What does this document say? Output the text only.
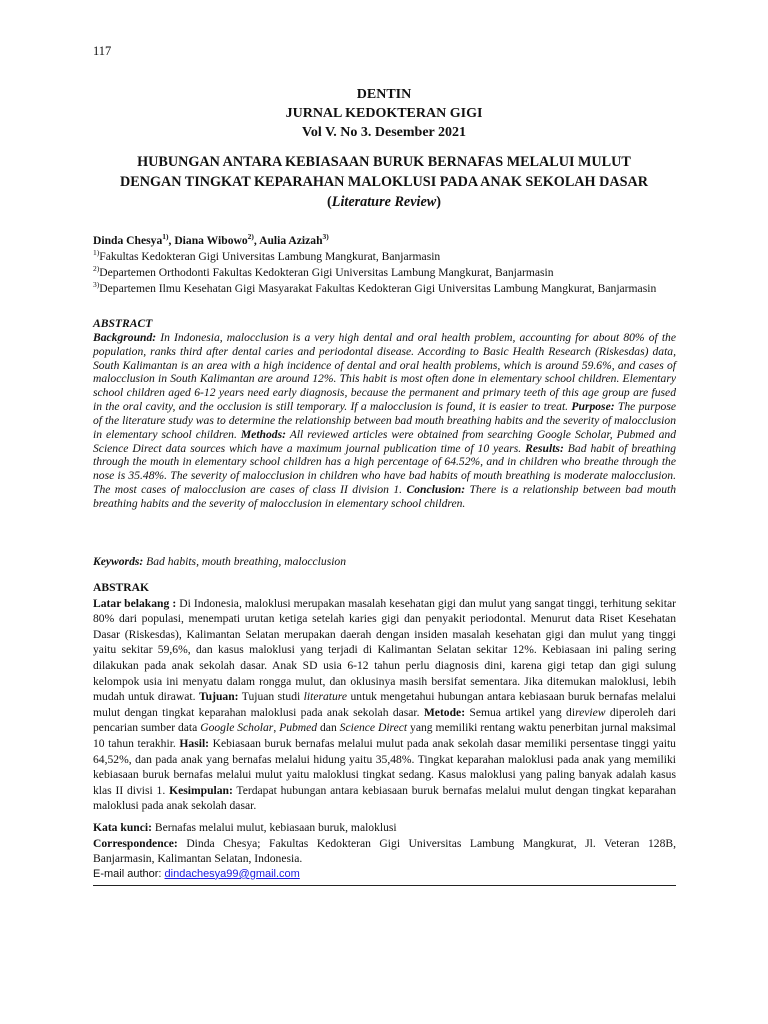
117
DENTIN
JURNAL KEDOKTERAN GIGI
Vol V. No 3. Desember 2021
HUBUNGAN ANTARA KEBIASAAN BURUK BERNAFAS MELALUI MULUT
DENGAN TINGKAT KEPARAHAN MALOKLUSI PADA ANAK SEKOLAH DASAR
(Literature Review)
Dinda Chesya$^{1)}$, Diana Wibowo$^{2)}$, Aulia Azizah$^{3)}$
$^{1)}$Fakultas Kedokteran Gigi Universitas Lambung Mangkurat, Banjarmasin
$^{2)}$Departemen Orthodonti Fakultas Kedokteran Gigi Universitas Lambung Mangkurat, Banjarmasin
$^{3)}$Departemen Ilmu Kesehatan Gigi Masyarakat Fakultas Kedokteran Gigi Universitas Lambung Mangkurat, Banjarmasin
ABSTRACT
Background: In Indonesia, malocclusion is a very high dental and oral health problem, accounting for about 80% of the population, ranks third after dental caries and periodontal disease. According to Basic Health Research (Riskesdas) data, South Kalimantan is an area with a high incidence of dental and oral health problems, which is around 59.6%, and cases of malocclusion in South Kalimantan are around 12%. This habit is most often done in elementary school children. Elementary school children aged 6-12 years need early diagnosis, because the permanent and primary teeth of this age group are fused in the oral cavity, and the occlusion is still temporary. If a malocclusion is found, it is easier to treat. Purpose: The purpose of the literature study was to determine the relationship between bad mouth breathing habits and the severity of malocclusion in elementary school children. Methods: All reviewed articles were obtained from searching Google Scholar, Pubmed and Science Direct data sources which have a maximum journal publication time of 10 years. Results: Bad habit of breathing through the mouth in elementary school children has a high percentage of 64.52%, and in children who breathe through the nose is 35.48%. The severity of malocclusion in children who have bad habits of mouth breathing is moderate malocclusion. The most cases of malocclusion are cases of class II division 1. Conclusion: There is a relationship between bad mouth breathing habits and the severity of malocclusion in elementary school children.
Keywords: Bad habits, mouth breathing, malocclusion
ABSTRAK
Latar belakang : Di Indonesia, maloklusi merupakan masalah kesehatan gigi dan mulut yang sangat tinggi, terhitung sekitar 80% dari populasi, menempati urutan ketiga setelah karies gigi dan penyakit periodontal. Menurut data Riset Kesehatan Dasar (Riskesdas), Kalimantan Selatan merupakan daerah dengan insiden masalah kesehatan gigi dan mulut yang tinggi yaitu sekitar 59,6%, dan kasus maloklusi yang terjadi di Kalimantan Selatan sekitar 12%. Kebiasaan ini paling sering dilakukan pada anak sekolah dasar. Anak SD usia 6-12 tahun perlu diagnosis dini, karena gigi tetap dan gigi sulung kelompok usia ini menyatu dalam rongga mulut, dan oklusinya masih bersifat sementara. Jika ditemukan maloklusi, lebih mudah untuk dirawat. Tujuan: Tujuan studi literature untuk mengetahui hubungan antara kebiasaan buruk bernafas melalui mulut dengan tingkat keparahan maloklusi pada anak sekolah dasar. Metode: Semua artikel yang direview diperoleh dari pencarian sumber data Google Scholar, Pubmed dan Science Direct yang memiliki rentang waktu penerbitan jurnal maksimal 10 tahun terakhir. Hasil: Kebiasaan buruk bernafas melalui mulut pada anak sekolah dasar memiliki persentase tinggi yaitu 64,52%, dan pada anak yang bernafas melalui hidung yaitu 35,48%. Tingkat keparahan maloklusi pada anak yang memiliki kebiasaan buruk bernafas melalui mulut yaitu maloklusi tingkat sedang. Kasus maloklusi yang paling banyak adalah kasus klas II divisi 1. Kesimpulan: Terdapat hubungan antara kebiasaan buruk bernafas melalui mulut dengan tingkat keparahan maloklusi pada anak sekolah dasar.
Kata kunci: Bernafas melalui mulut, kebiasaan buruk, maloklusi
Correspondence: Dinda Chesya; Fakultas Kedokteran Gigi Universitas Lambung Mangkurat, Jl. Veteran 128B, Banjarmasin, Kalimantan Selatan, Indonesia.
E-mail author: dindachesya99@gmail.com
